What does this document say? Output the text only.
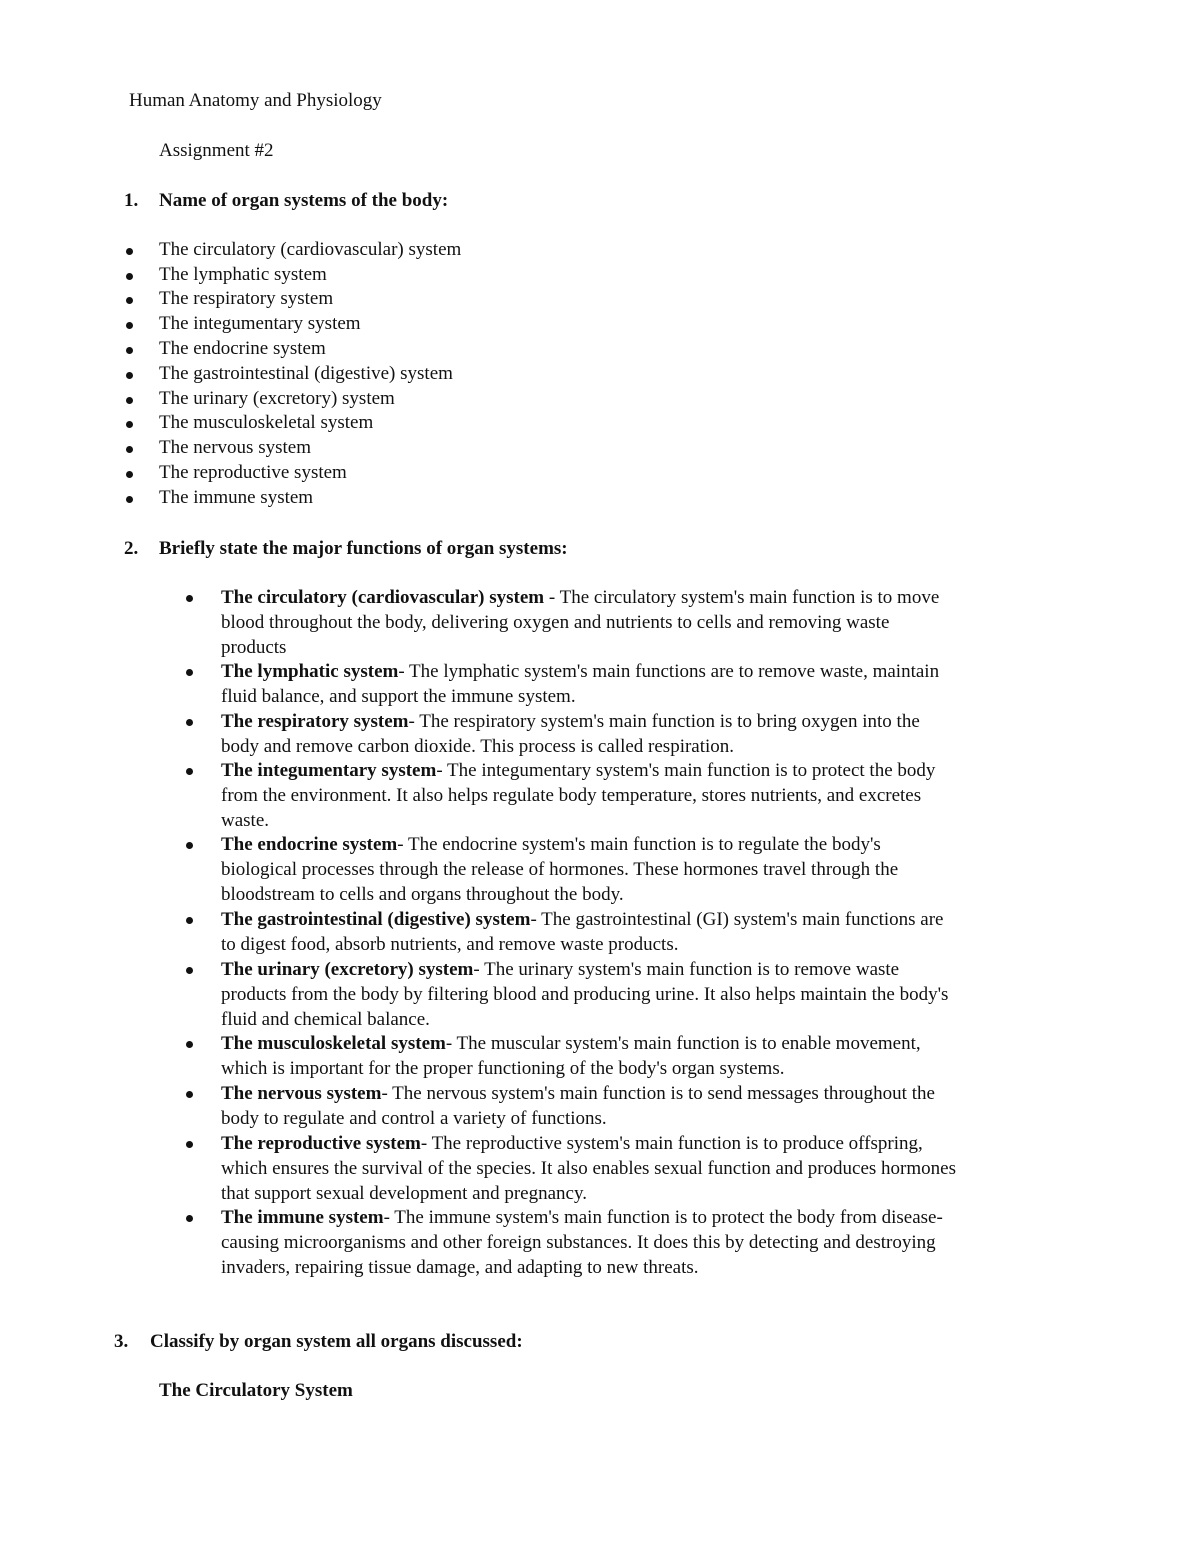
Human Anatomy and Physiology
Assignment #2
1. Name of organ systems of the body:
The circulatory (cardiovascular) system
The lymphatic system
The respiratory system
The integumentary system
The endocrine system
The gastrointestinal (digestive) system
The urinary (excretory) system
The musculoskeletal system
The nervous system
The reproductive system
The immune system
2. Briefly state the major functions of organ systems:
The circulatory (cardiovascular) system - The circulatory system's main function is to move
blood throughout the body, delivering oxygen and nutrients to cells and removing waste
products
The lymphatic system- The lymphatic system's main functions are to remove waste, maintain
fluid balance, and support the immune system.
The respiratory system- The respiratory system's main function is to bring oxygen into the
body and remove carbon dioxide. This process is called respiration.
The integumentary system- The integumentary system's main function is to protect the body
from the environment. It also helps regulate body temperature, stores nutrients, and excretes
waste.
The endocrine system- The endocrine system's main function is to regulate the body's
biological processes through the release of hormones. These hormones travel through the
bloodstream to cells and organs throughout the body.
The gastrointestinal (digestive) system- The gastrointestinal (GI) system's main functions are
to digest food, absorb nutrients, and remove waste products.
The urinary (excretory) system- The urinary system's main function is to remove waste
products from the body by filtering blood and producing urine. It also helps maintain the body's
fluid and chemical balance.
The musculoskeletal system- The muscular system's main function is to enable movement,
which is important for the proper functioning of the body's organ systems.
The nervous system- The nervous system's main function is to send messages throughout the
body to regulate and control a variety of functions.
The reproductive system- The reproductive system's main function is to produce offspring,
which ensures the survival of the species. It also enables sexual function and produces hormones
that support sexual development and pregnancy.
The immune system- The immune system's main function is to protect the body from disease-
causing microorganisms and other foreign substances. It does this by detecting and destroying
invaders, repairing tissue damage, and adapting to new threats.
3. Classify by organ system all organs discussed:
The Circulatory System
